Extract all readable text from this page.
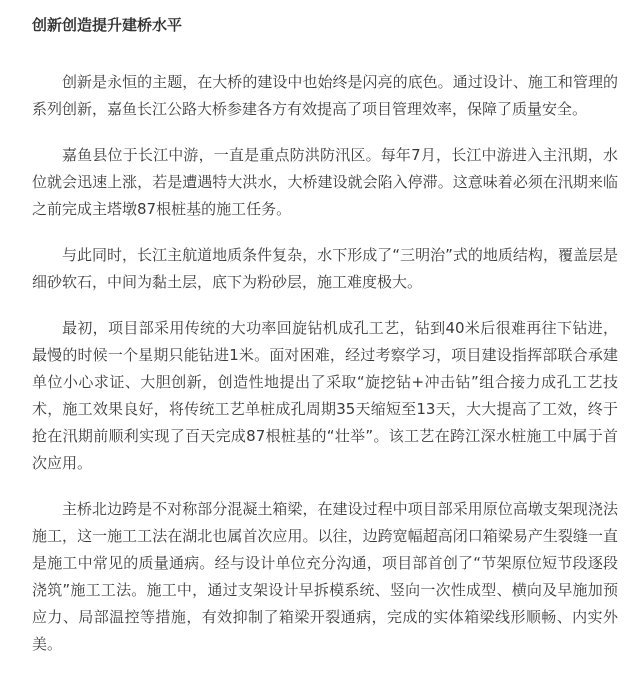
创新创造提升建桥水平

创新是永恒的主题，在大桥的建设中也始终是闪亮的底色。通过设计、施工和管理的系列创新，嘉鱼长江公路大桥参建各方有效提高了项目管理效率，保障了质量安全。

嘉鱼县位于长江中游，一直是重点防洪防汛区。每年7月，长江中游进入主汛期，水位就会迅速上涨，若是遭遇特大洪水，大桥建设就会陷入停滞。这意味着必须在汛期来临之前完成主塔墩87根桩基的施工任务。

与此同时，长江主航道地质条件复杂，水下形成了“三明治”式的地质结构，覆盖层是细砂软石，中间为黏土层，底下为粉砂层，施工难度极大。

最初，项目部采用传统的大功率回旋钻机成孔工艺，钻到40米后很难再往下钻进，最慢的时候一个星期只能钻进1米。面对困难，经过考察学习，项目建设指挥部联合承建单位小心求证、大胆创新，创造性地提出了采取“旋挖钻+冲击钻”组合接力成孔工艺技术，施工效果良好，将传统工艺单桩成孔周期35天缩短至13天，大大提高了工效，终于抢在汛期前顺利实现了百天完成87根桩基的“壮举”。该工艺在跨江深水桩施工中属于首次应用。

主桥北边跨是不对称部分混凝土箱梁，在建设过程中项目部采用原位高墩支架现浇法施工，这一施工工法在湖北也属首次应用。以往，边跨宽幅超高闭口箱梁易产生裂缝一直是施工中常见的质量通病。经与设计单位充分沟通，项目部首创了“节架原位短节段逐段浇筑”施工工法。施工中，通过支架设计早拆模系统、竖向一次性成型、横向及早施加预应力、局部温控等措施，有效抑制了箱梁开裂通病，完成的实体箱梁线形顺畅、内实外美。
